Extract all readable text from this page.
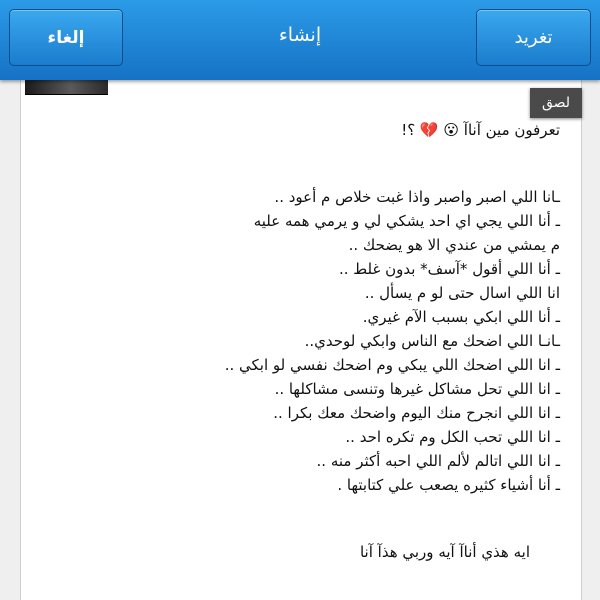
إلغاء	إنشاء	تغريد
لصق
تعرفون مين آناآ 😮 💔 ؟!
ـانا اللي اصبر واصبر واذا غبت خلاص م أعود ..
ـ أنا اللي يجي اي احد يشكي لي و يرمي همه عليه
م يمشي من عندي الا هو يضحك ..
ـ أنا اللي أقول *آسف* بدون غلط ..
انا اللي اسال حتى لو م يسأل ..
ـ أنا اللي ابكي بسبب الآم غيري.
ـانـا اللي اضحك مع الناس وابكي لوحدي..
ـ انا اللي اضحك اللي يبكي وم اضحك نفسي لو ابكي ..
ـ انا اللي تحل مشاكل غيرها وتنسى مشاكلها ..
ـ انا اللي انجرح منك اليوم واضحك معك بكرا ..
ـ انا اللي تحب الكل وم تكره احد ..
ـ انا اللي اتالم لألم اللي احبه أكثر منه ..
ـ أنا أشياء كثيره يصعب علي كتابتها .
ايه هذي أناآ آيه وربي هذآ آنا
